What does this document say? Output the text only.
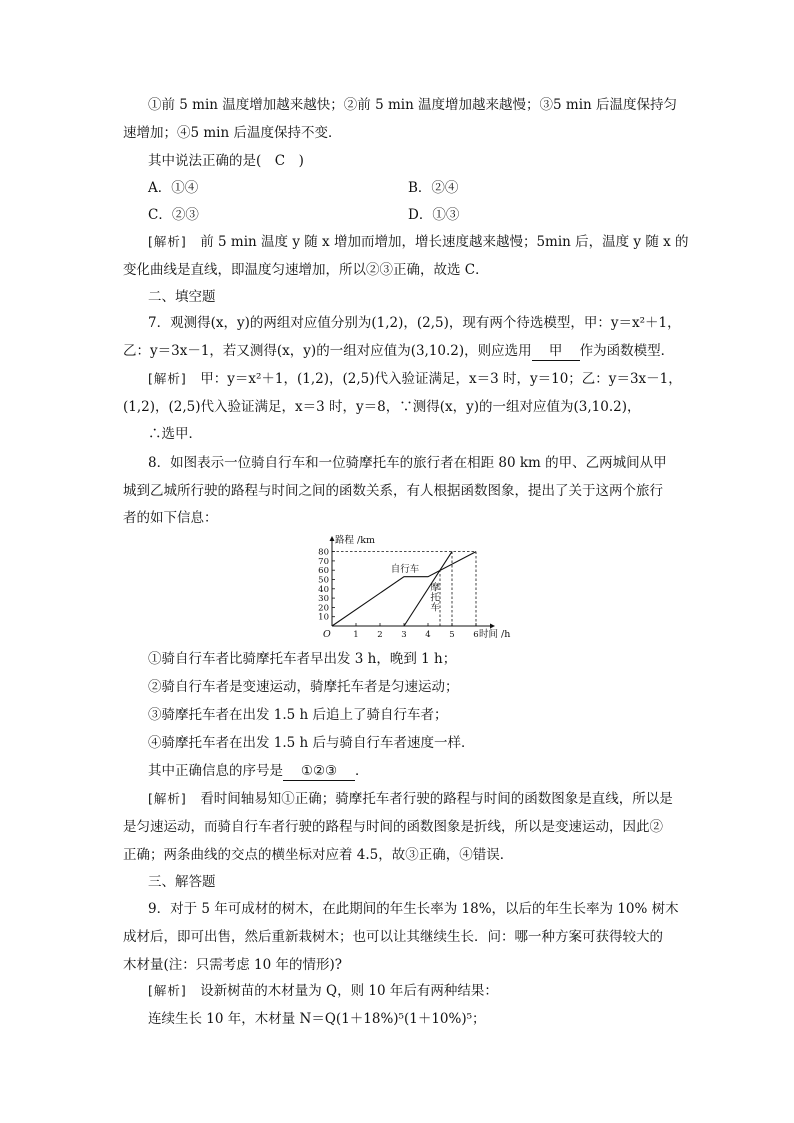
①前 5 min 温度增加越来越快；②前 5 min 温度增加越来越慢；③5 min 后温度保持匀
速增加；④5 min 后温度保持不变．
其中说法正确的是(　C　)
A．①④	B．②④
C．②③	D．①③
[解析]　 前 5 min 温度 y 随 x 增加而增加，增长速度越来越慢；5min 后，温度 y 随 x 的
变化曲线是直线，即温度匀速增加，所以②③正确，故选 C．
二、填空题
7．观测得(x，y)的两组对应值分别为(1,2)，(2,5)，现有两个待选模型，甲：y＝x²＋1，
乙：y＝3x－1，若又测得(x，y)的一组对应值为(3,10.2)，则应选用 甲 作为函数模型．
[解析]　 甲：y＝x²＋1，(1,2)，(2,5)代入验证满足，x＝3 时，y＝10；乙：y＝3x－1，
(1,2)，(2,5)代入验证满足，x＝3 时，y＝8，∵测得(x，y)的一组对应值为(3,10.2)，
∴选甲．
8．如图表示一位骑自行车和一位骑摩托车的旅行者在相距 80 km 的甲、乙两城间从甲
城到乙城所行驶的路程与时间之间的函数关系，有人根据函数图象，提出了关于这两个旅行
者的如下信息：
路程 /km
时间 /h
O
10
20
30
40
50
60
70
80
1 2 3 4 5 6
自行车
摩托车
①骑自行车者比骑摩托车者早出发 3 h，晚到 1 h；
②骑自行车者是变速运动，骑摩托车者是匀速运动；
③骑摩托车者在出发 1.5 h 后追上了骑自行车者；
④骑摩托车者在出发 1.5 h 后与骑自行车者速度一样．
其中正确信息的序号是 ①②③ ．
[解析]　 看时间轴易知①正确；骑摩托车者行驶的路程与时间的函数图象是直线，所以是
是匀速运动，而骑自行车者行驶的路程与时间的函数图象是折线，所以是变速运动，因此②
正确；两条曲线的交点的横坐标对应着 4.5，故③正确，④错误．
三、解答题
9．对于 5 年可成材的树木，在此期间的年生长率为 18%，以后的年生长率为 10% 树木
成材后，即可出售，然后重新栽树木；也可以让其继续生长．问：哪一种方案可获得较大的
木材量(注：只需考虑 10 年的情形)?
[解析]　 设新树苗的木材量为 Q，则 10 年后有两种结果：
连续生长 10 年，木材量 N＝Q(1＋18%)⁵(1＋10%)⁵；
